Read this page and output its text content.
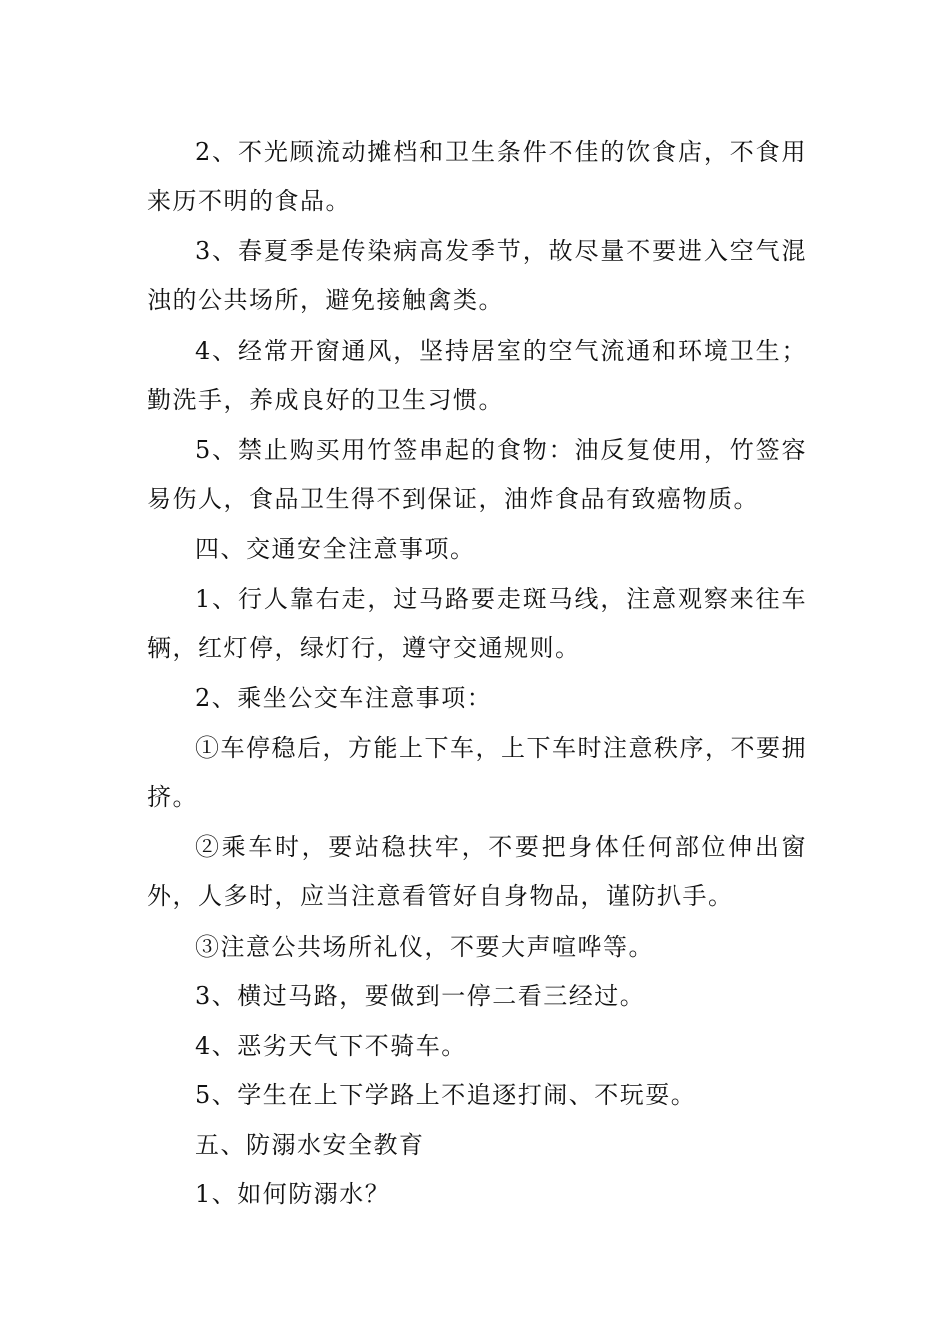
2、不光顾流动摊档和卫生条件不佳的饮食店，不食用来历不明的食品。

3、春夏季是传染病高发季节，故尽量不要进入空气混浊的公共场所，避免接触禽类。

4、经常开窗通风，坚持居室的空气流通和环境卫生；勤洗手，养成良好的卫生习惯。

5、禁止购买用竹签串起的食物：油反复使用，竹签容易伤人，食品卫生得不到保证，油炸食品有致癌物质。

四、交通安全注意事项。

1、行人靠右走，过马路要走斑马线，注意观察来往车辆，红灯停，绿灯行，遵守交通规则。

2、乘坐公交车注意事项：

①车停稳后，方能上下车，上下车时注意秩序，不要拥挤。

②乘车时，要站稳扶牢，不要把身体任何部位伸出窗外，人多时，应当注意看管好自身物品，谨防扒手。

③注意公共场所礼仪，不要大声喧哗等。

3、横过马路，要做到一停二看三经过。

4、恶劣天气下不骑车。

5、学生在上下学路上不追逐打闹、不玩耍。

五、防溺水安全教育

1、如何防溺水？
